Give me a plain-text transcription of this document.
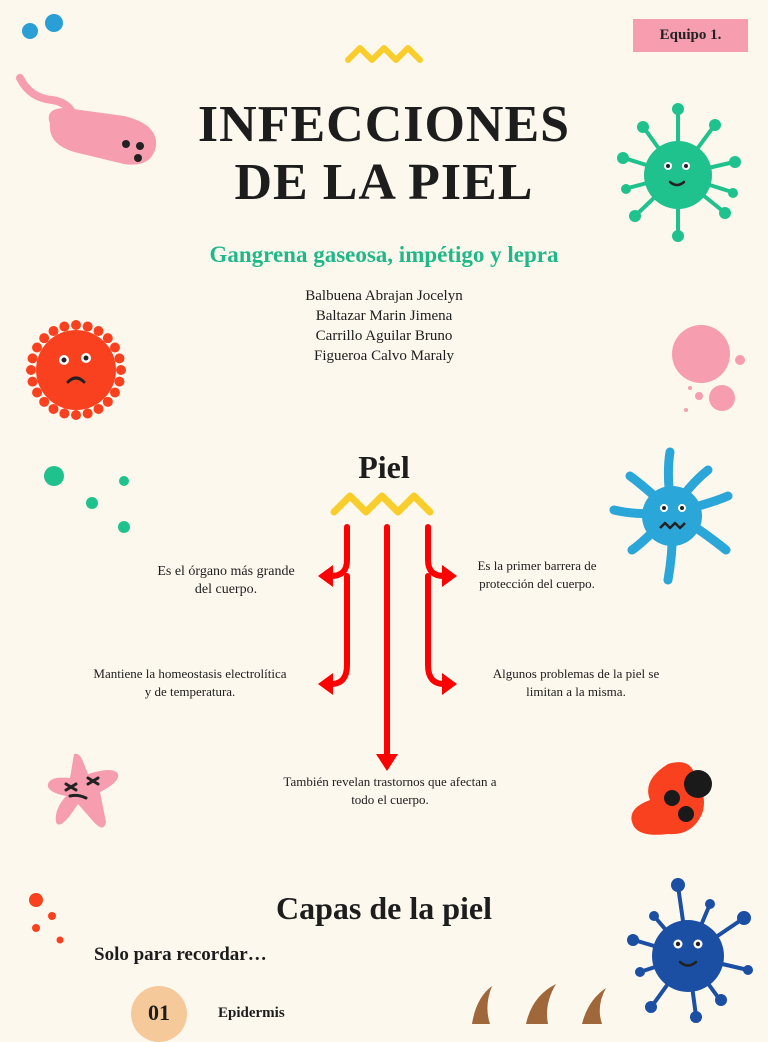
Equipo 1.
INFECCIONES
DE LA PIEL
Gangrena gaseosa, impétigo y lepra
Balbuena Abrajan Jocelyn
Baltazar Marin Jimena
Carrillo Aguilar Bruno
Figueroa Calvo Maraly
Piel
Es el órgano más grande
del cuerpo.
Es la primer barrera de
protección del cuerpo.
Mantiene la homeostasis electrolítica
y de temperatura.
Algunos problemas de la piel se
limitan a la misma.
También revelan trastornos que afectan a
todo el cuerpo.
Capas de la piel
Solo para recordar…
01	Epidermis
